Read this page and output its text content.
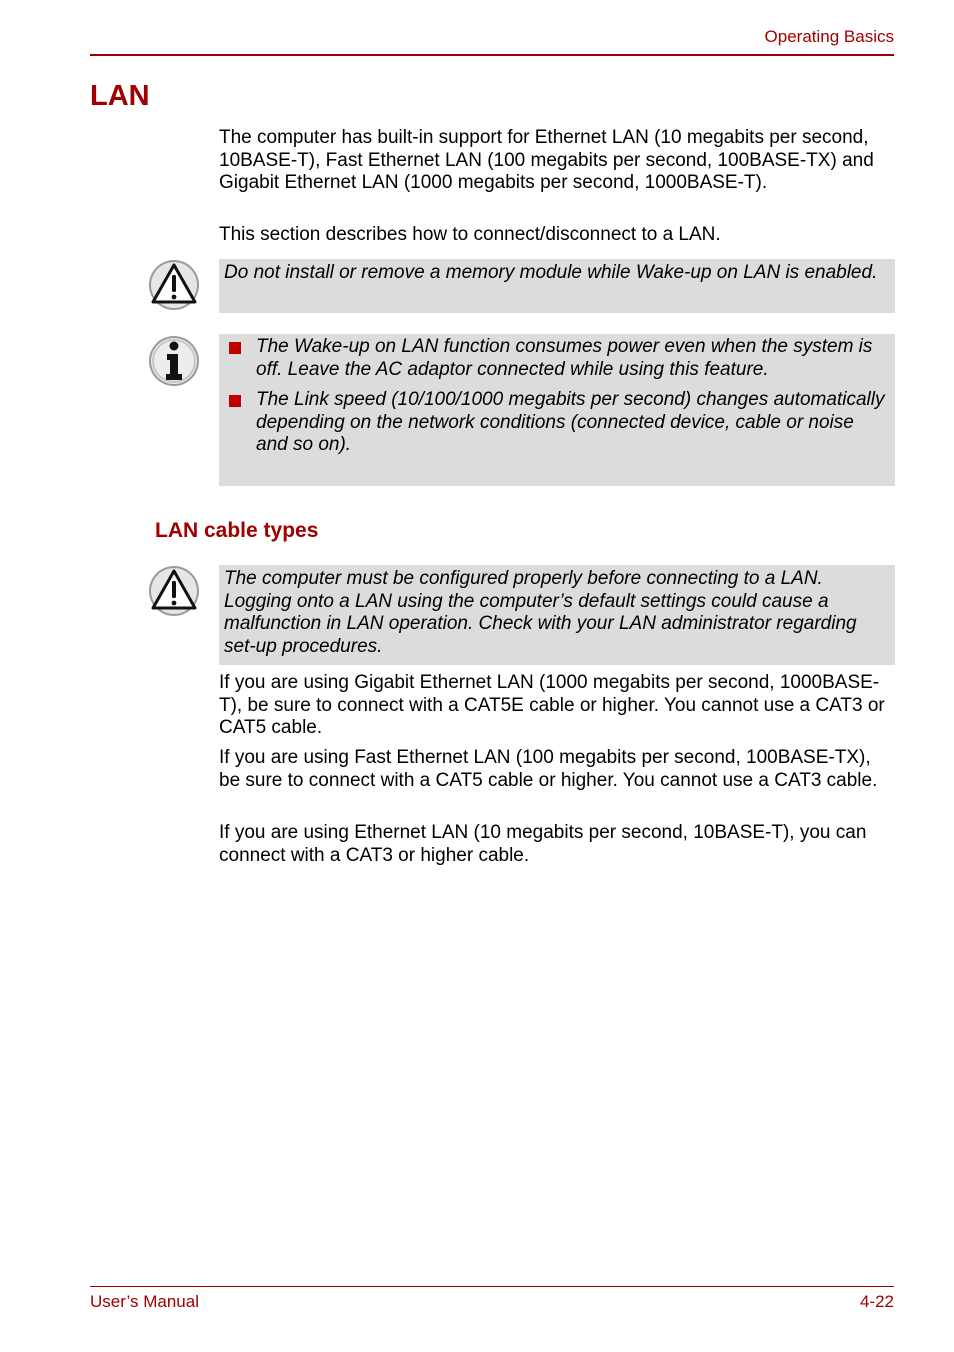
Operating Basics
LAN

The computer has built-in support for Ethernet LAN (10 megabits per second, 10BASE-T), Fast Ethernet LAN (100 megabits per second, 100BASE-TX) and Gigabit Ethernet LAN (1000 megabits per second, 1000BASE-T).

This section describes how to connect/disconnect to a LAN.

Do not install or remove a memory module while Wake-up on LAN is enabled.
The Wake-up on LAN function consumes power even when the system is off. Leave the AC adaptor connected while using this feature.
The Link speed (10/100/1000 megabits per second) changes automatically depending on the network conditions (connected device, cable or noise and so on).
LAN cable types
The computer must be configured properly before connecting to a LAN. Logging onto a LAN using the computer’s default settings could cause a malfunction in LAN operation. Check with your LAN administrator regarding set-up procedures.

If you are using Gigabit Ethernet LAN (1000 megabits per second, 1000BASE-T), be sure to connect with a CAT5E cable or higher. You cannot use a CAT3 or CAT5 cable.

If you are using Fast Ethernet LAN (100 megabits per second, 100BASE-TX), be sure to connect with a CAT5 cable or higher. You cannot use a CAT3 cable.

If you are using Ethernet LAN (10 megabits per second, 10BASE-T), you can connect with a CAT3 or higher cable.

User’s Manual	4-22
